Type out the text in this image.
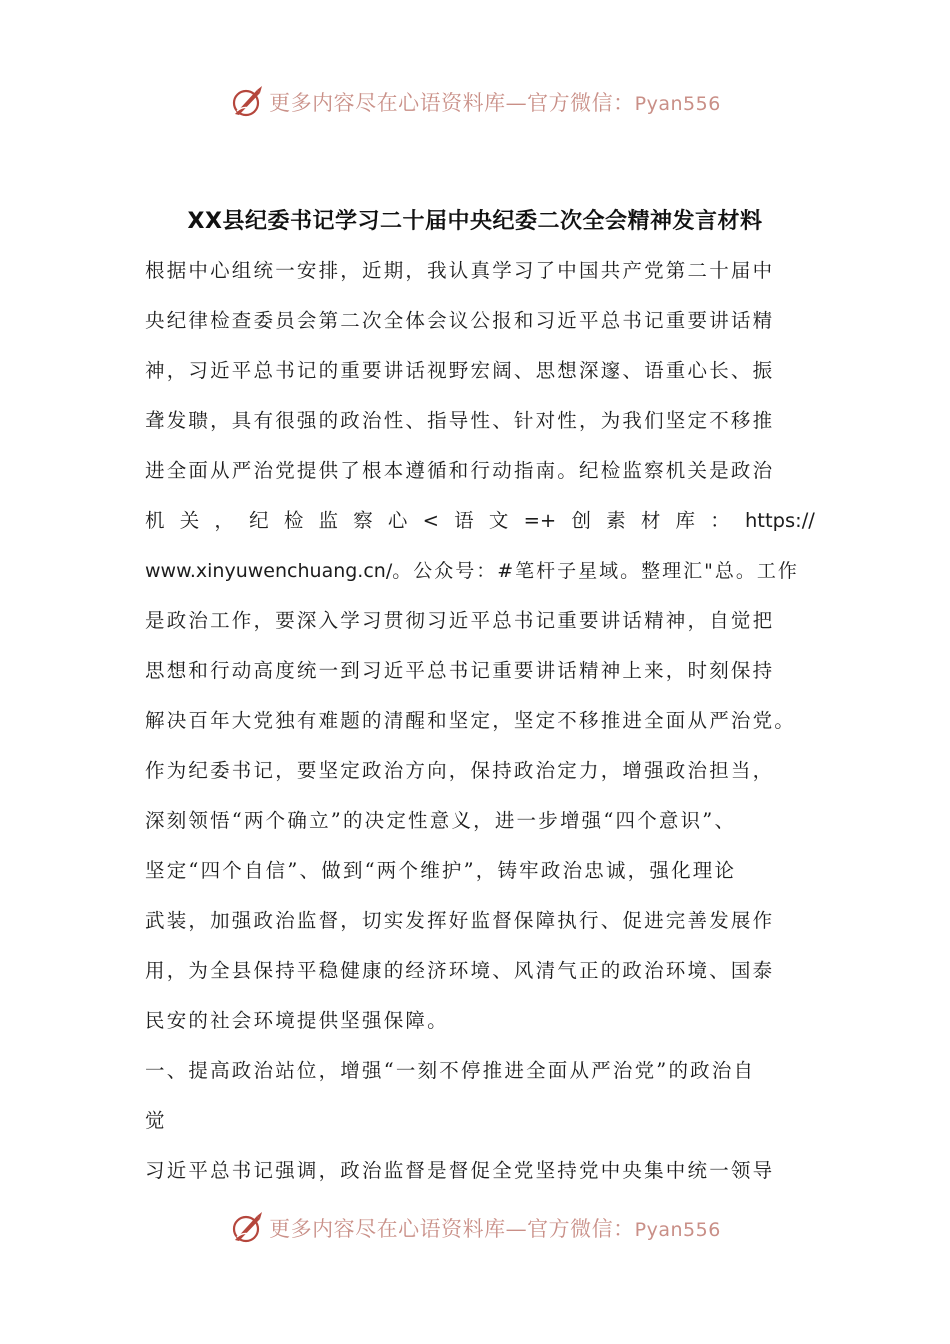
更多内容尽在心语资料库—官方微信：Pyan556
XX县纪委书记学习二十届中央纪委二次全会精神发言材料
根据中心组统一安排，近期，我认真学习了中国共产党第二十届中
央纪律检查委员会第二次全体会议公报和习近平总书记重要讲话精
神，习近平总书记的重要讲话视野宏阔、思想深邃、语重心长、振
聋发聩，具有很强的政治性、指导性、针对性，为我们坚定不移推
进全面从严治党提供了根本遵循和行动指南。纪检监察机关是政治
机 关 ， 纪 检 监 察 心 < 语 文 =+ 创 素 材 库 ： https://
www.xinyuwenchuang.cn/。公众号：#笔杆子星域。整理汇"总。工作
是政治工作，要深入学习贯彻习近平总书记重要讲话精神，自觉把
思想和行动高度统一到习近平总书记重要讲话精神上来，时刻保持
解决百年大党独有难题的清醒和坚定，坚定不移推进全面从严治党。
作为纪委书记，要坚定政治方向，保持政治定力，增强政治担当，
深刻领悟“两个确立”的决定性意义，进一步增强“四个意识”、
坚定“四个自信”、做到“两个维护”，铸牢政治忠诚，强化理论
武装，加强政治监督，切实发挥好监督保障执行、促进完善发展作
用，为全县保持平稳健康的经济环境、风清气正的政治环境、国泰
民安的社会环境提供坚强保障。
一、提高政治站位，增强“一刻不停推进全面从严治党”的政治自
觉
习近平总书记强调，政治监督是督促全党坚持党中央集中统一领导
更多内容尽在心语资料库—官方微信：Pyan556
